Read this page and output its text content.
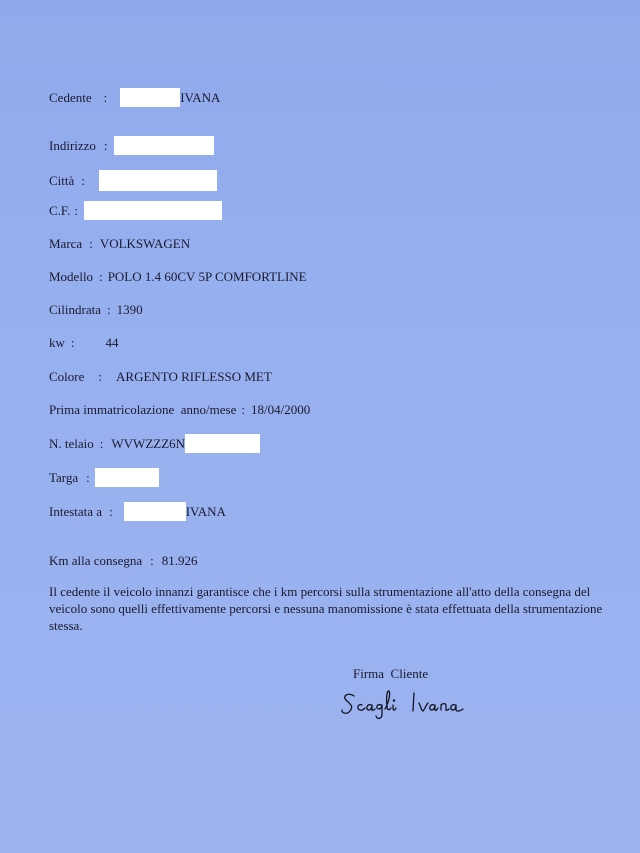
Cedente :	IVANA
Indirizzo :
Città :
C.F. :
Marca : VOLKSWAGEN
Modello : POLO 1.4 60CV 5P COMFORTLINE
Cilindrata : 1390
kw : 44
Colore : ARGENTO RIFLESSO MET
Prima immatricolazione  anno/mese : 18/04/2000
N. telaio : WVWZZZ6N
Targa :
Intestata a :	IVANA
Km alla consegna : 81.926
Il cedente il veicolo innanzi garantisce che i km percorsi sulla strumentazione all'atto della consegna del veicolo sono quelli effettivamente percorsi e nessuna manomissione è stata effettuata della strumentazione stessa.
Firma  Cliente
